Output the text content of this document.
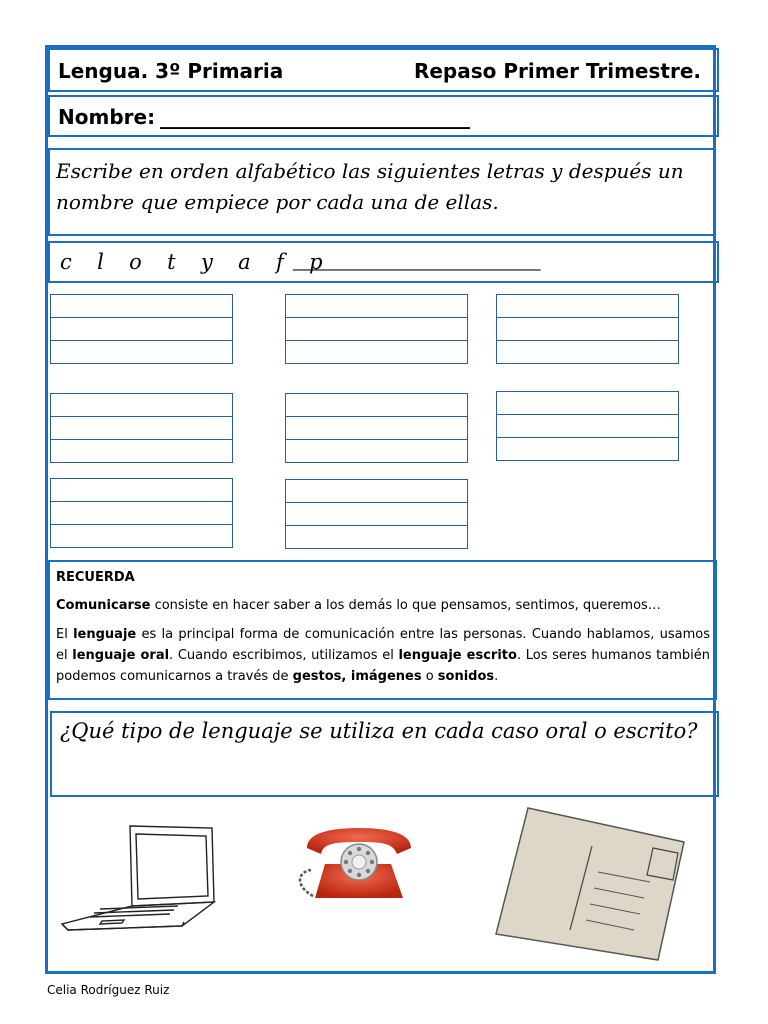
Lengua. 3º Primaria	Repaso Primer Trimestre.
Nombre: _______________________________
Escribe en orden alfabético las siguientes letras y después un nombre que empiece por cada una de ellas.
c  l  o  t  y  a  f  p
_________________________________
RECUERDA

Comunicarse consiste en hacer saber a los demás lo que pensamos, sentimos, queremos…

El lenguaje es la principal forma de comunicación entre las personas. Cuando hablamos, usamos el lenguaje oral. Cuando escribimos, utilizamos el lenguaje escrito. Los seres humanos también podemos comunicarnos a través de gestos, imágenes o sonidos.

¿Qué tipo de lenguaje se utiliza en cada caso oral o escrito?
Celia Rodríguez Ruiz
